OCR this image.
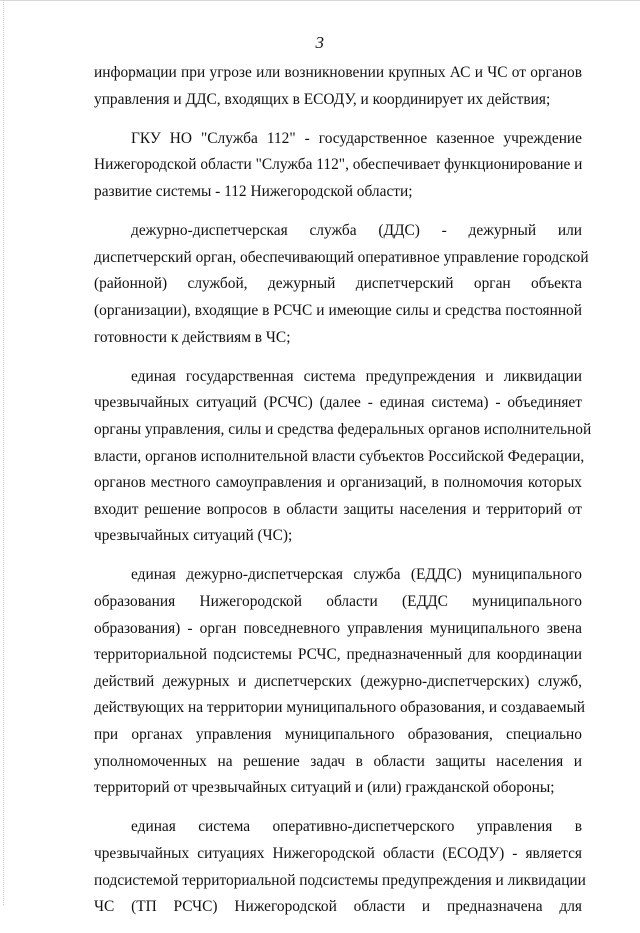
3
информации при угрозе или возникновении крупных АС и ЧС от органов
управления и ДДС, входящих в ЕСОДУ, и координирует их действия;
ГКУ НО "Служба 112" - государственное казенное учреждение
Нижегородской области "Служба 112", обеспечивает функционирование и
развитие системы - 112 Нижегородской области;
дежурно-диспетчерская служба (ДДС) - дежурный или
диспетчерский орган, обеспечивающий оперативное управление городской
(районной) службой, дежурный диспетчерский орган объекта
(организации), входящие в РСЧС и имеющие силы и средства постоянной
готовности к действиям в ЧС;
единая государственная система предупреждения и ликвидации
чрезвычайных ситуаций (РСЧС) (далее - единая система) - объединяет
органы управления, силы и средства федеральных органов исполнительной
власти, органов исполнительной власти субъектов Российской Федерации,
органов местного самоуправления и организаций, в полномочия которых
входит решение вопросов в области защиты населения и территорий от
чрезвычайных ситуаций (ЧС);
единая дежурно-диспетчерская служба (ЕДДС) муниципального
образования Нижегородской области (ЕДДС муниципального
образования) - орган повседневного управления муниципального звена
территориальной подсистемы РСЧС, предназначенный для координации
действий дежурных и диспетчерских (дежурно-диспетчерских) служб,
действующих на территории муниципального образования, и создаваемый
при органах управления муниципального образования, специально
уполномоченных на решение задач в области защиты населения и
территорий от чрезвычайных ситуаций и (или) гражданской обороны;
единая система оперативно-диспетчерского управления в
чрезвычайных ситуациях Нижегородской области (ЕСОДУ) - является
подсистемой территориальной подсистемы предупреждения и ликвидации
ЧС (ТП РСЧС) Нижегородской области и предназначена для
